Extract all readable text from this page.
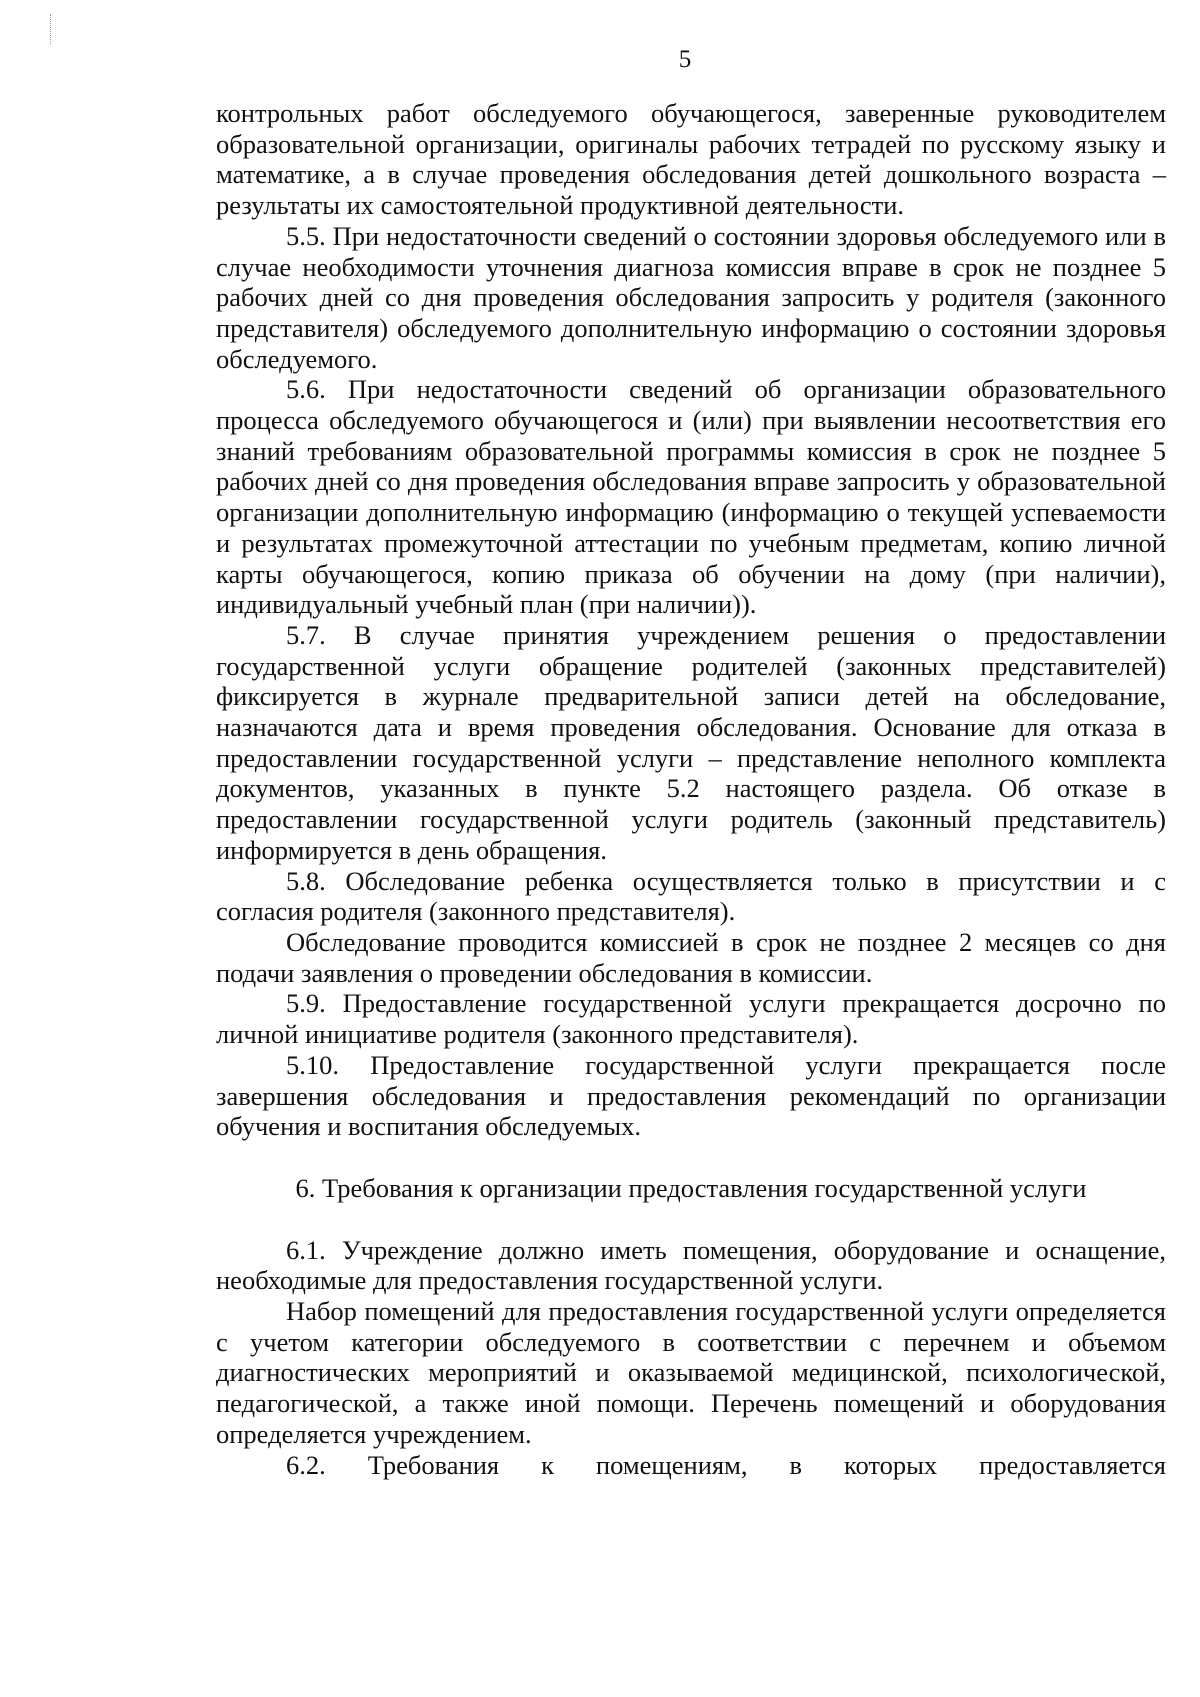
5

контрольных работ обследуемого обучающегося, заверенные руководителем образовательной организации, оригиналы рабочих тетрадей по русскому языку и математике, а в случае проведения обследования детей дошкольного возраста – результаты их самостоятельной продуктивной деятельности.

5.5. При недостаточности сведений о состоянии здоровья обследуемого или в случае необходимости уточнения диагноза комиссия вправе в срок не позднее 5 рабочих дней со дня проведения обследования запросить у родителя (законного представителя) обследуемого дополнительную информацию о состоянии здоровья обследуемого.

5.6. При недостаточности сведений об организации образовательного процесса обследуемого обучающегося и (или) при выявлении несоответствия его знаний требованиям образовательной программы комиссия в срок не позднее 5 рабочих дней со дня проведения обследования вправе запросить у образовательной организации дополнительную информацию (информацию о текущей успеваемости и результатах промежуточной аттестации по учебным предметам, копию личной карты обучающегося, копию приказа об обучении на дому (при наличии), индивидуальный учебный план (при наличии)).

5.7. В случае принятия учреждением решения о предоставлении государственной услуги обращение родителей (законных представителей) фиксируется в журнале предварительной записи детей на обследование, назначаются дата и время проведения обследования. Основание для отказа в предоставлении государственной услуги – представление неполного комплекта документов, указанных в пункте 5.2 настоящего раздела. Об отказе в предоставлении государственной услуги родитель (законный представитель) информируется в день обращения.

5.8. Обследование ребенка осуществляется только в присутствии и с согласия родителя (законного представителя).

Обследование проводится комиссией в срок не позднее 2 месяцев со дня подачи заявления о проведении обследования в комиссии.

5.9. Предоставление государственной услуги прекращается досрочно по личной инициативе родителя (законного представителя).

5.10. Предоставление государственной услуги прекращается после завершения обследования и предоставления рекомендаций по организации обучения и воспитания обследуемых.

6. Требования к организации предоставления государственной услуги

6.1. Учреждение должно иметь помещения, оборудование и оснащение, необходимые для предоставления государственной услуги.

Набор помещений для предоставления государственной услуги определяется с учетом категории обследуемого в соответствии с перечнем и объемом диагностических мероприятий и оказываемой медицинской, психологической, педагогической, а также иной помощи. Перечень помещений и оборудования определяется учреждением.

6.2. Требования к помещениям, в которых предоставляется
